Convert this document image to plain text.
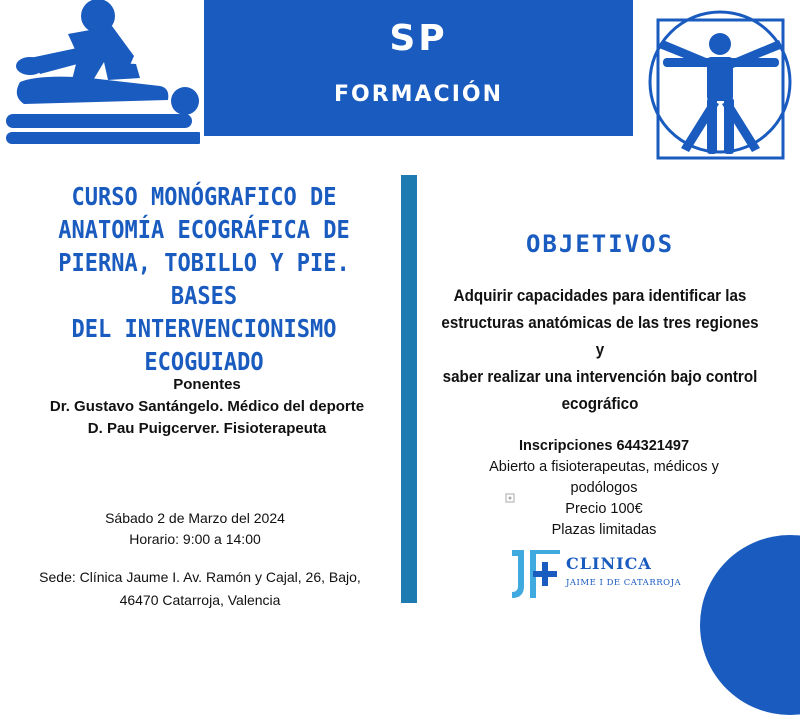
SP
FORMACIÓN
CURSO MONÓGRAFICO DE
ANATOMÍA ECOGRÁFICA DE
PIERNA, TOBILLO Y PIE. BASES
DEL INTERVENCIONISMO
ECOGUIADO
Ponentes
Dr. Gustavo Santángelo. Médico del deporte
D. Pau Puigcerver. Fisioterapeuta
Sábado 2 de Marzo del 2024
Horario: 9:00 a 14:00
Sede: Clínica Jaume I. Av. Ramón y Cajal, 26, Bajo,
46470 Catarroja, Valencia
OBJETIVOS
Adquirir capacidades para identificar las
estructuras anatómicas de las tres regiones y
saber realizar una intervención bajo control
ecográfico
Inscripciones 644321497
Abierto a fisioterapeutas, médicos y
podólogos
Precio 100€
Plazas limitadas
CLINICA
JAIME I DE CATARROJA
